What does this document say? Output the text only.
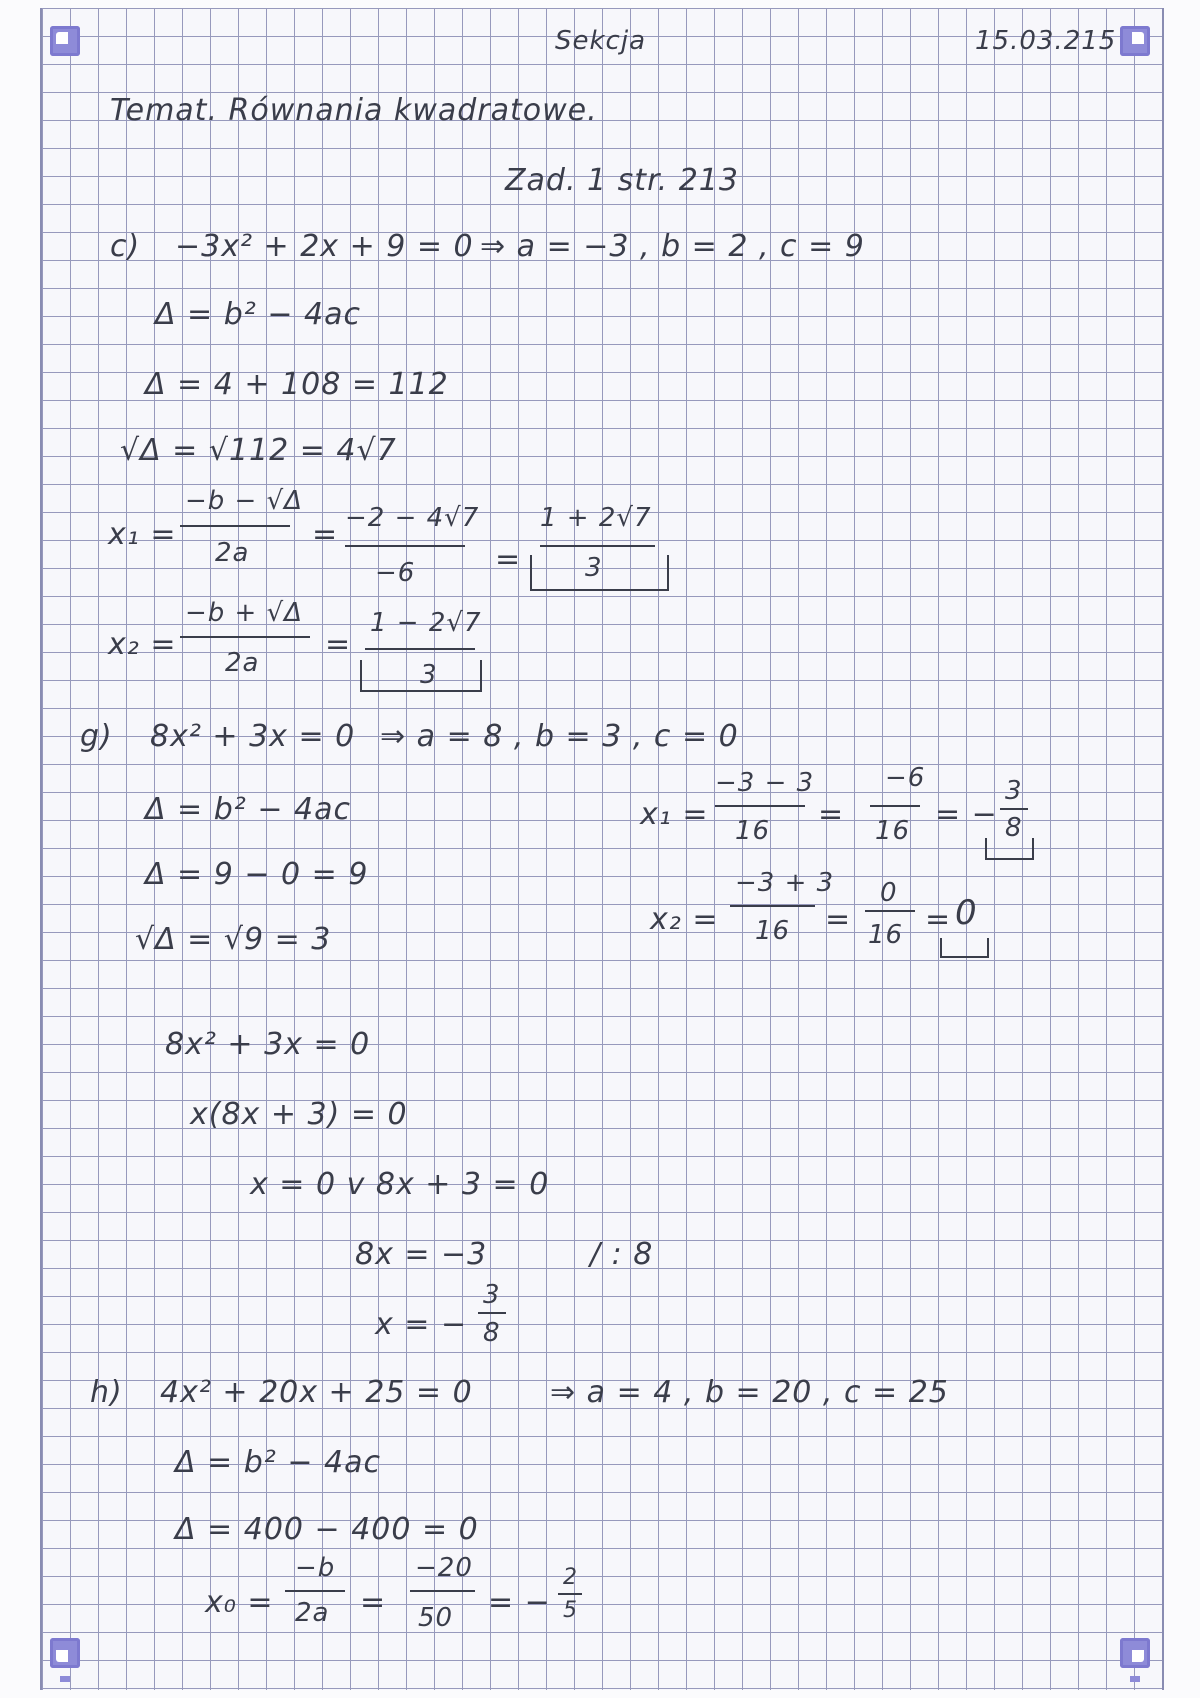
Sekcja	15.03.215
Temat. Równania kwadratowe.
Zad. 1 str. 213
c) −3x² + 2x + 9 = 0 ⇒ a = −3 , b = 2 , c = 9
Δ = b² − 4ac
Δ = 4 + 108 = 112
√Δ = √112 = 4√7
x₁ =
−b − √Δ
2a
= −2 − 4√7
−6	=
1 + 2√7
3
x₂ =
−b + √Δ
2a
=
1 − 2√7
3
g) 8x² + 3x = 0 ⇒ a = 8 , b = 3 , c = 0
Δ = b² − 4ac
Δ = 9 − 0 = 9
√Δ = √9 = 3
x₁ =
−3 − 3
16 =
−6
16 = −
3
8
x₂ =
−3 + 3
16 =
0
16 = 0
8x² + 3x = 0
x(8x + 3) = 0
x = 0 v 8x + 3 = 0
8x = −3	/ : 8
x = −
3
8
h) 4x² + 20x + 25 = 0	⇒ a = 4 , b = 20 , c = 25
Δ = b² − 4ac
Δ = 400 − 400 = 0
x₀ =
−b
2a =
−20
50 = −
2
5
